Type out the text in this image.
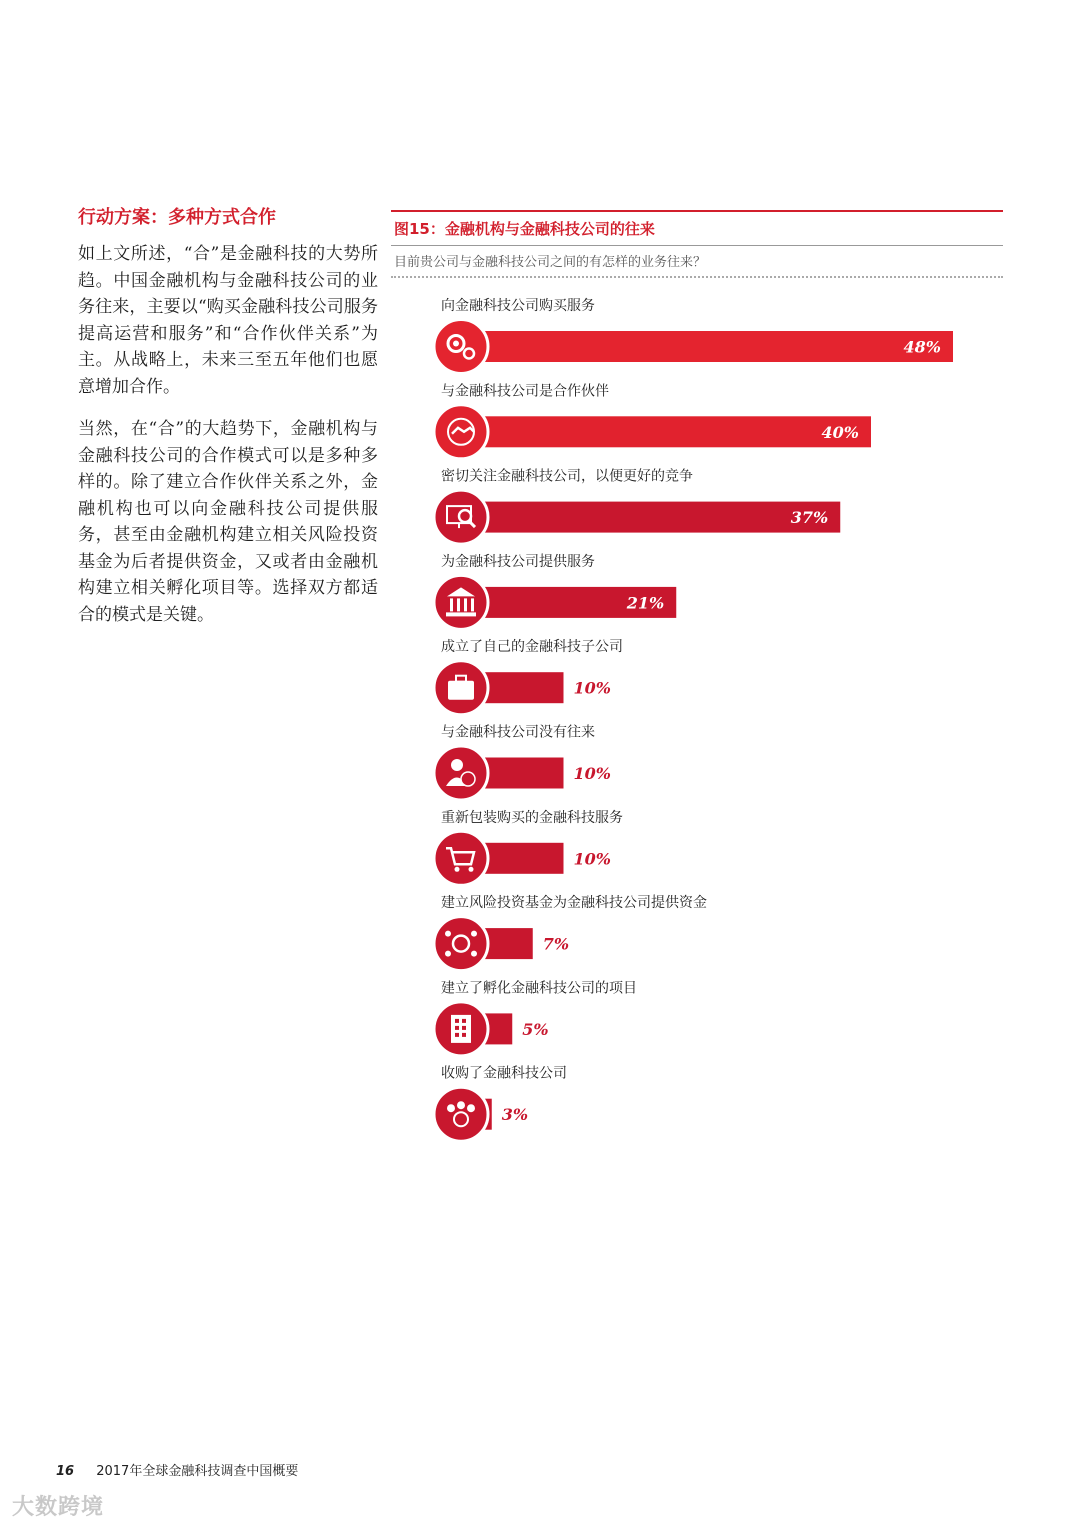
行动方案：多种方式合作

如上文所述，“合”是金融科技的大势所趋。中国金融机构与金融科技公司的业务往来，主要以“购买金融科技公司服务提高运营和服务”和“合作伙伴关系”为主。从战略上，未来三至五年他们也愿意增加合作。

当然，在“合”的大趋势下，金融机构与金融科技公司的合作模式可以是多种多样的。除了建立合作伙伴关系之外，金融机构也可以向金融科技公司提供服务，甚至由金融机构建立相关风险投资基金为后者提供资金，又或者由金融机构建立相关孵化项目等。选择双方都适合的模式是关键。

图15：金融机构与金融科技公司的往来
目前贵公司与金融科技公司之间的有怎样的业务往来？
向金融科技公司购买服务
48%
与金融科技公司是合作伙伴
40%
密切关注金融科技公司，以便更好的竞争
37%
为金融科技公司提供服务
21%
成立了自己的金融科技子公司
10%
与金融科技公司没有往来
10%
重新包装购买的金融科技服务
10%
建立风险投资基金为金融科技公司提供资金
7%
建立了孵化金融科技公司的项目
5%
收购了金融科技公司
3%
16 2017年全球金融科技调查中国概要
大数跨境
